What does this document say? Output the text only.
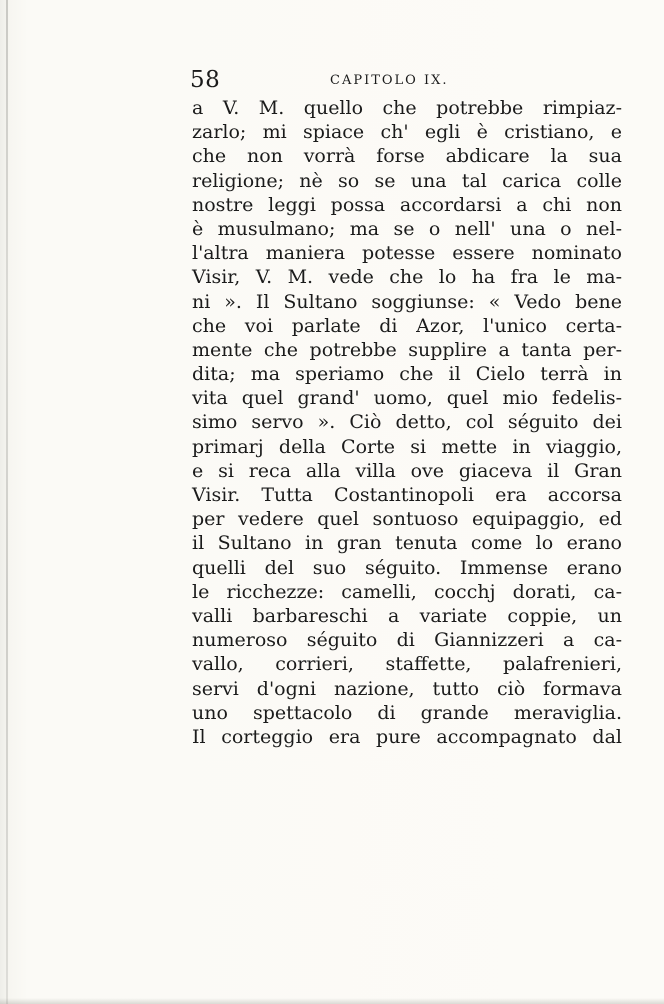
58	CAPITOLO IX.
a V. M. quello che potrebbe rimpiaz-
zarlo; mi spiace ch' egli è cristiano, e
che non vorrà forse abdicare la sua
religione; nè so se una tal carica colle
nostre leggi possa accordarsi a chi non
è musulmano; ma se o nell' una o nel-
l'altra maniera potesse essere nominato
Visir, V. M. vede che lo ha fra le ma-
ni ». Il Sultano soggiunse: « Vedo bene
che voi parlate di Azor, l'unico certa-
mente che potrebbe supplire a tanta per-
dita; ma speriamo che il Cielo terrà in
vita quel grand' uomo, quel mio fedelis-
simo servo ». Ciò detto, col séguito dei
primarj della Corte si mette in viaggio,
e si reca alla villa ove giaceva il Gran
Visir. Tutta Costantinopoli era accorsa
per vedere quel sontuoso equipaggio, ed
il Sultano in gran tenuta come lo erano
quelli del suo séguito. Immense erano
le ricchezze: camelli, cocchj dorati, ca-
valli barbareschi a variate coppie, un
numeroso séguito di Giannizzeri a ca-
vallo, corrieri, staffette, palafrenieri,
servi d'ogni nazione, tutto ciò formava
uno spettacolo di grande meraviglia.
Il corteggio era pure accompagnato dal
